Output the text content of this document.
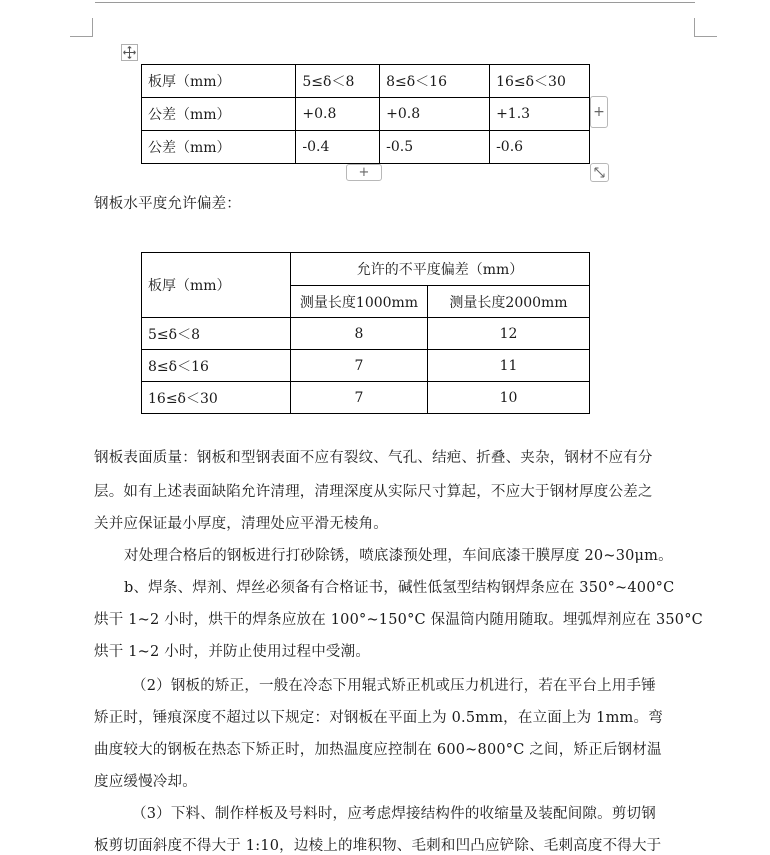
板厚（mm）	5≤δ＜8	8≤δ＜16	16≤δ＜30
公差（mm）	+0.8	+0.8	+1.3
公差（mm）	-0.4	-0.5	-0.6
+
+
钢板水平度允许偏差：
板厚（mm）	允许的不平度偏差（mm）	
	测量长度1000mm	测量长度2000mm
5≤δ＜8	8	12
8≤δ＜16	7	11
16≤δ＜30	7	10
钢板表面质量：钢板和型钢表面不应有裂纹、气孔、结疤、折叠、夹杂，钢材不应有分
层。如有上述表面缺陷允许清理，清理深度从实际尺寸算起，不应大于钢材厚度公差之
关并应保证最小厚度，清理处应平滑无棱角。
对处理合格后的钢板进行打砂除锈，喷底漆预处理，车间底漆干膜厚度 20~30μm。
b、焊条、焊剂、焊丝必须备有合格证书，碱性低氢型结构钢焊条应在 350°~400°C
烘干 1~2 小时，烘干的焊条应放在 100°~150°C 保温筒内随用随取。埋弧焊剂应在 350°C
烘干 1~2 小时，并防止使用过程中受潮。
（2）钢板的矫正，一般在冷态下用辊式矫正机或压力机进行，若在平台上用手锤
矫正时，锤痕深度不超过以下规定：对钢板在平面上为 0.5mm，在立面上为 1mm。弯
曲度较大的钢板在热态下矫正时，加热温度应控制在 600~800°C 之间，矫正后钢材温
度应缓慢冷却。
（3）下料、制作样板及号料时，应考虑焊接结构件的收缩量及装配间隙。剪切钢
板剪切面斜度不得大于 1:10，边棱上的堆积物、毛刺和凹凸应铲除、毛刺高度不得大于
